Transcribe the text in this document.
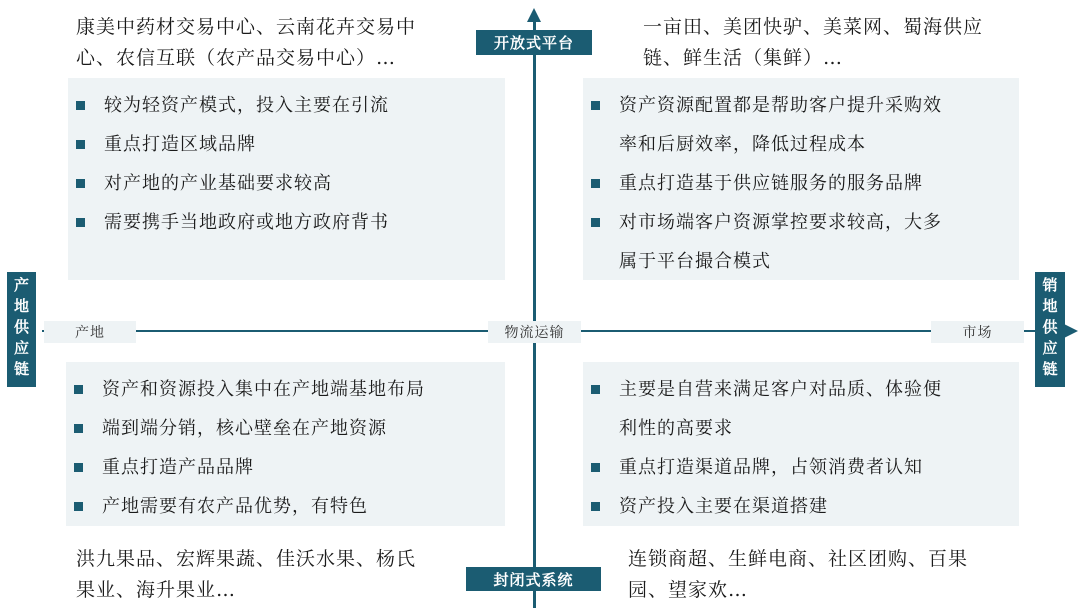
康美中药材交易中心、云南花卉交易中
心、农信互联（农产品交易中心）…
一亩田、美团快驴、美菜网、蜀海供应
链、鲜生活（集鲜）…
开放式平台
较为轻资产模式，投入主要在引流
重点打造区域品牌
对产地的产业基础要求较高
需要携手当地政府或地方政府背书
资产资源配置都是帮助客户提升采购效
率和后厨效率，降低过程成本
重点打造基于供应链服务的服务品牌
对市场端客户资源掌控要求较高，大多
属于平台撮合模式
产地供应链	销地供应链
产地	物流运输	市场
资产和资源投入集中在产地端基地布局
端到端分销，核心壁垒在产地资源
重点打造产品品牌
产地需要有农产品优势，有特色
主要是自营来满足客户对品质、体验便
利性的高要求
重点打造渠道品牌，占领消费者认知
资产投入主要在渠道搭建
洪九果品、宏辉果蔬、佳沃水果、杨氏
果业、海升果业…
连锁商超、生鲜电商、社区团购、百果
园、望家欢…
封闭式系统
